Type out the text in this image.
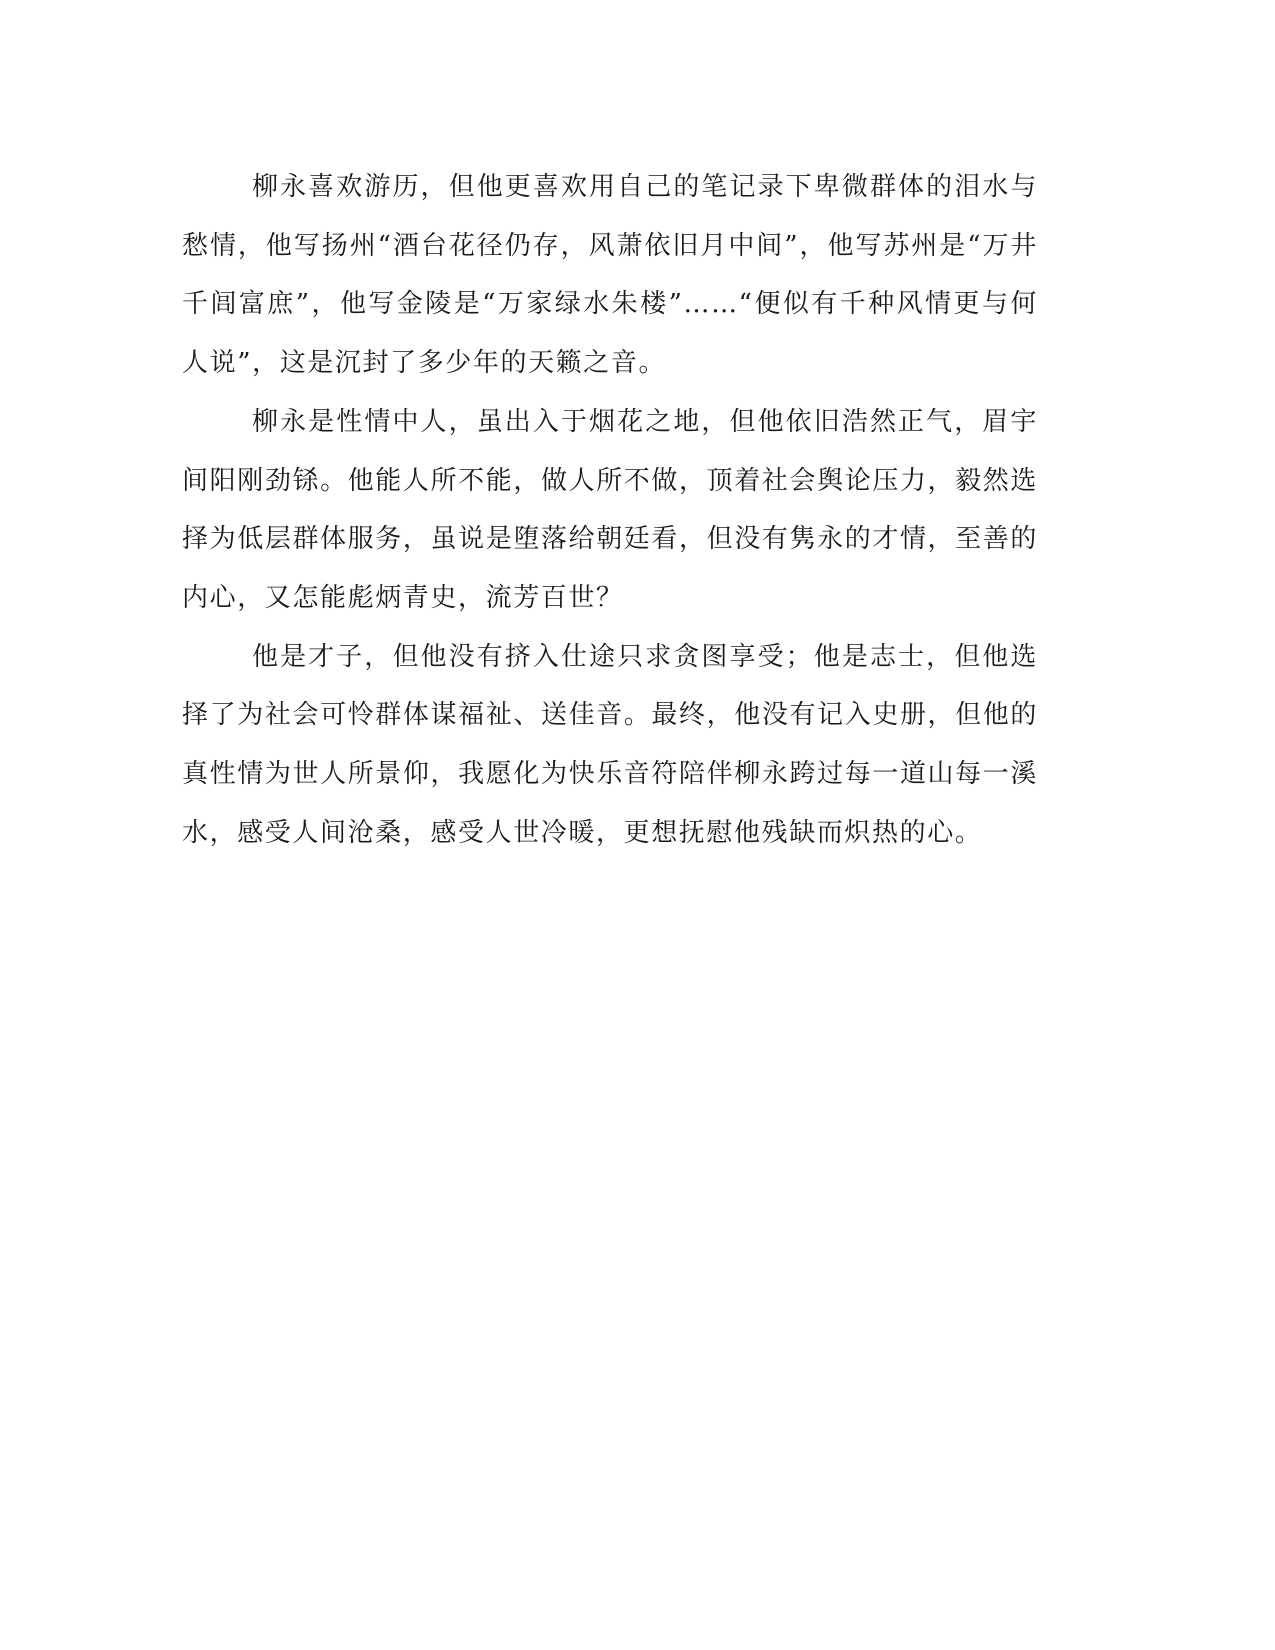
柳永喜欢游历，但他更喜欢用自己的笔记录下卑微群体的泪水与愁情，他写扬州“酒台花径仍存，风萧依旧月中间”，他写苏州是“万井千闾富庶”，他写金陵是“万家绿水朱楼”……“便似有千种风情更与何人说”，这是沉封了多少年的天籁之音。

柳永是性情中人，虽出入于烟花之地，但他依旧浩然正气，眉宇间阳刚劲铩。他能人所不能，做人所不做，顶着社会舆论压力，毅然选择为低层群体服务，虽说是堕落给朝廷看，但没有隽永的才情，至善的内心，又怎能彪炳青史，流芳百世？

他是才子，但他没有挤入仕途只求贪图享受；他是志士，但他选择了为社会可怜群体谋福祉、送佳音。最终，他没有记入史册，但他的真性情为世人所景仰，我愿化为快乐音符陪伴柳永跨过每一道山每一溪水，感受人间沧桑，感受人世冷暖，更想抚慰他残缺而炽热的心。
